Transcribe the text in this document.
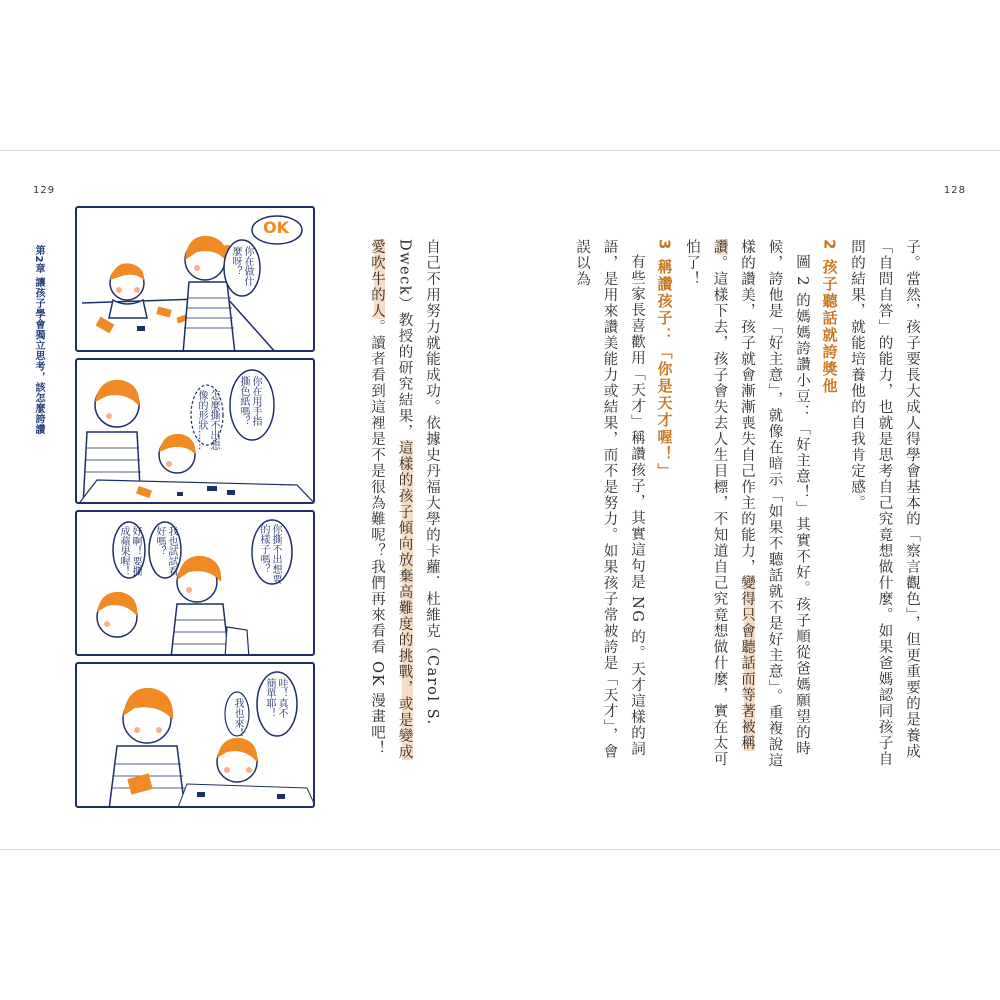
129	128
第2章 讓孩子學會獨立思考，該怎麼誇讚
OK
你在做什
麼呀？
你在用手指
撕色紙嗎？
怎麼撕不出想
像的形狀……
你撕不出想要
的樣子嗎？
我也試試看
好嗎？
好啊！要撕
成蘋果喔！
哇！真不
簡單耶！
我也來！	自己不用努力就能成功。依據史丹福大學的卡蘿．杜維克（Carol S. Dweck）教授的研究結果，這樣的孩子傾向放棄高難度的挑戰，或是變成愛吹牛的人。讀者看到這裡是不是很為難呢？我們再來看看 OK 漫畫吧！	子。當然，孩子要長大成人得學會基本的「察言觀色」，但更重要的是養成「自問自答」的能力，也就是思考自己究竟想做什麼。如果爸媽認同孩子自問的結果，就能培養他的自我肯定感。

2 孩子聽話就誇獎他

圖 2 的媽媽誇讚小豆：「好主意！」其實不好。孩子順從爸媽願望的時候，誇他是「好主意」，就像在暗示「如果不聽話就不是好主意」。重複說這樣的讚美，孩子就會漸漸喪失自己作主的能力，變得只會聽話而等著被稱讚。這樣下去，孩子會失去人生目標，不知道自己究竟想做什麼，實在太可怕了！

3 稱讚孩子：「你是天才喔！」

有些家長喜歡用「天才」稱讚孩子，其實這句是 NG 的。天才這樣的詞語，是用來讚美能力或結果，而不是努力。如果孩子常被誇是「天才」，會誤以為
